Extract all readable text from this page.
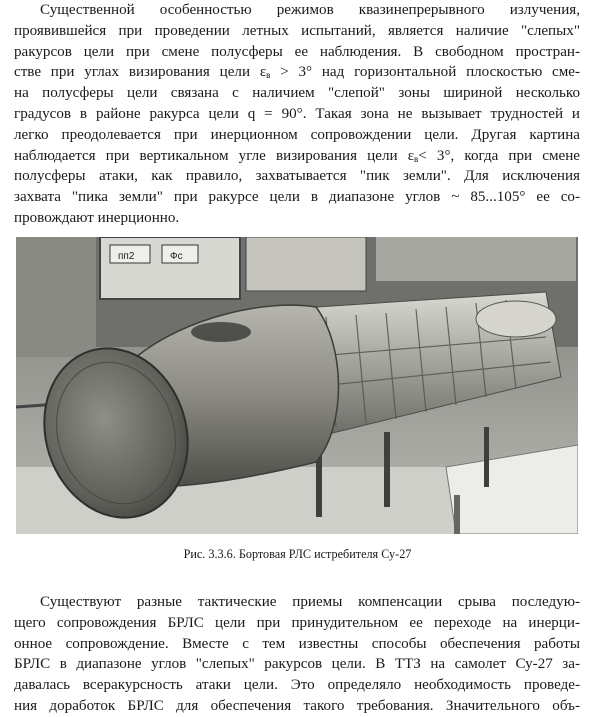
Существенной особенностью режимов квазинепрерывного излучения,
проявившейся при проведении летных испытаний, является наличие "слепых"
ракурсов цели при смене полусферы ее наблюдения. В свободном простран-
стве при углах визирования цели $\varepsilon_в > 3^\circ$ над горизонтальной плоскостью сме-
на полусферы цели связана с наличием "слепой" зоны шириной несколько
градусов в районе ракурса цели q = 90°. Такая зона не вызывает трудностей и
легко преодолевается при инерционном сопровождении цели. Другая картина
наблюдается при вертикальном угле визирования цели $\varepsilon_в< 3^\circ$, когда при смене
полусферы атаки, как правило, захватывается "пик земли". Для исключения
захвата "пика земли" при ракурсе цели в диапазоне углов ~ 85...105° ее со-
провождают инерционно.
пп2	Фс
Рис. 3.3.6. Бортовая РЛС истребителя Су-27
Существуют разные тактические приемы компенсации срыва последую-
щего сопровождения БРЛС цели при принудительном ее переходе на инерци-
онное сопровождение. Вместе с тем известны способы обеспечения работы
БРЛС в диапазоне углов "слепых" ракурсов цели. В ТТЗ на самолет Су-27 за-
давалась всеракурсность атаки цели. Это определяло необходимость проведе-
ния доработок БРЛС для обеспечения такого требования. Значительного объ-
